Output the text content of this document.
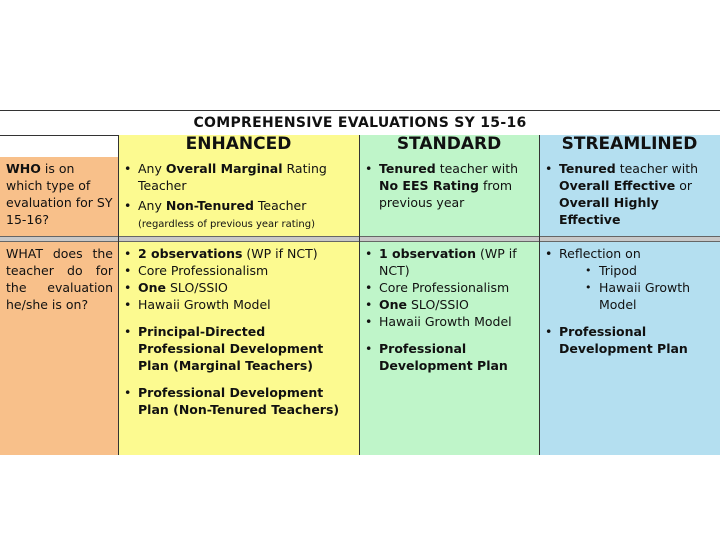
COMPREHENSIVE EVALUATIONS SY 15-16
ENHANCED	STANDARD	STREAMLINED
WHO is on which type of evaluation for SY 15-16?
• Any Overall Marginal Rating Teacher
• Any Non-Tenured Teacher (regardless of previous year rating)
• Tenured teacher with No EES Rating from previous year
• Tenured teacher with Overall Effective or Overall Highly Effective
WHAT does the teacher do for the evaluation he/she is on?
• 2 observations (WP if NCT)
• Core Professionalism
• One SLO/SSIO
• Hawaii Growth Model
• Principal-Directed Professional Development Plan (Marginal Teachers)
• Professional Development Plan (Non-Tenured Teachers)
• 1 observation (WP if NCT)
• Core Professionalism
• One SLO/SSIO
• Hawaii Growth Model
• Professional Development Plan
• Reflection on
• Tripod
• Hawaii Growth Model
• Professional Development Plan
